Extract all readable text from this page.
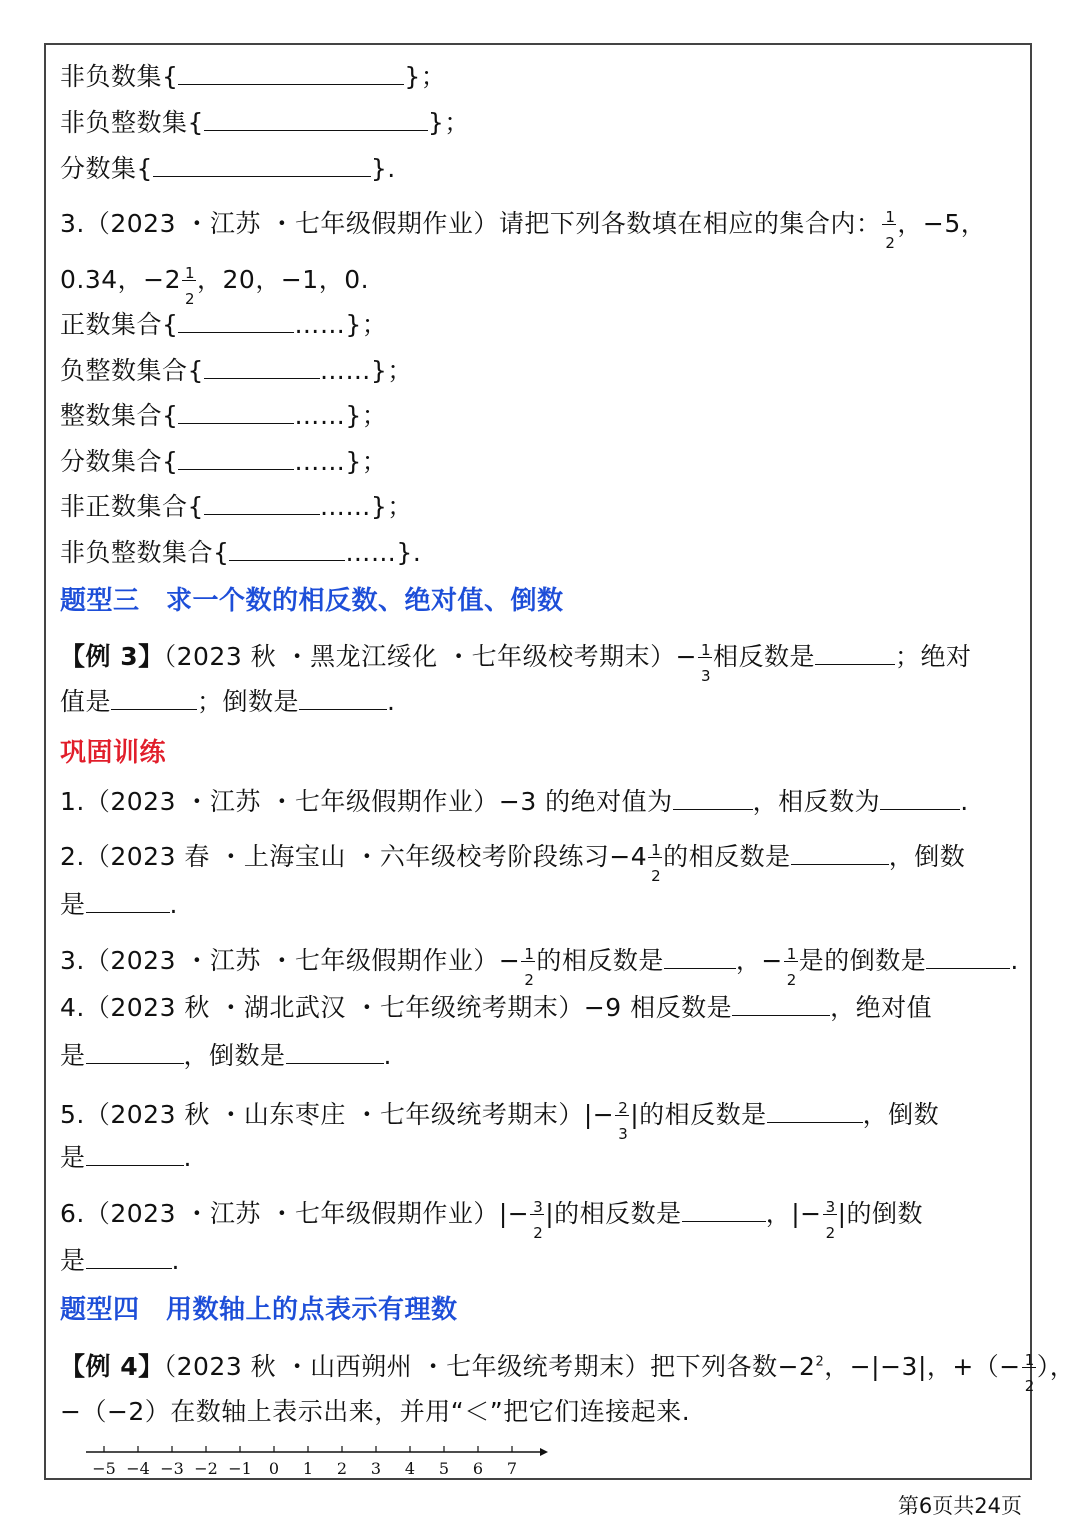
非负数集{	}；
非负整数集{	}；
分数集{	}.
3.（2023 ・江苏 ・七年级假期作业）请把下列各数填在相应的集合内： $\frac{1}{2}$ ，−5，
0.34，$-2 \frac{1}{2}$ ，20，−1，0.
正数集合{	……}；
负整数集合{	……}；
整数集合{	……}；
分数集合{	……}；
非正数集合{	……}；
非负整数集合{	……}.
题型三　求一个数的相反数、绝对值、倒数
【例 3】（2023 秋 ・黑龙江绥化 ・七年级校考期末）− $\frac{1}{3}$ 相反数是	；绝对
值是	；倒数是	.
巩固训练
1.（2023 ・江苏 ・七年级假期作业）−3 的绝对值为	，相反数为	.
2.（2023 春 ・上海宝山 ・六年级校考阶段练习$-4 \frac{1}{2}$ 的相反数是	，倒数
是	.
3.（2023 ・江苏 ・七年级假期作业）− $\frac{1}{2}$ 的相反数是	，− $\frac{1}{2}$ 是的倒数是	.
4.（2023 秋 ・湖北武汉 ・七年级统考期末）−9 相反数是	，绝对值
是	，倒数是	.
5.（2023 秋 ・山东枣庄 ・七年级统考期末）|− $\frac{2}{3}$ |的相反数是	，倒数
是	.
6.（2023 ・江苏 ・七年级假期作业）|− $\frac{3}{2}$ |的相反数是	，|− $\frac{3}{2}$ |的倒数
是	.
题型四　用数轴上的点表示有理数
【例 4】（2023 秋 ・山西朔州 ・七年级统考期末）把下列各数$-2^2$，−|−3|，+（− $\frac{1}{2}$ ），
−（−2）在数轴上表示出来，并用“＜”把它们连接起来.
−5 −4 −3 −2 −1 0 1 2 3 4 5 6 7
第6页共24页
